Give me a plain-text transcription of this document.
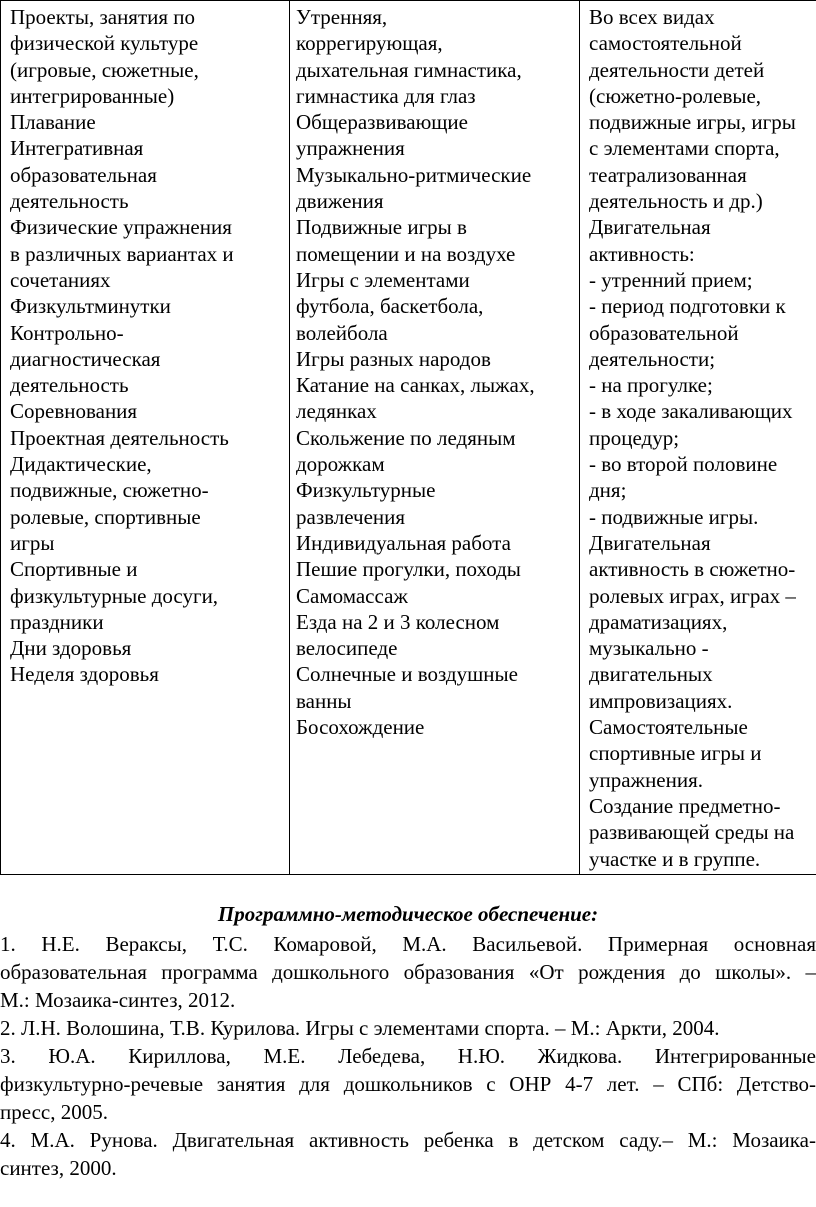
Проекты, занятия по
физической культуре
(игровые, сюжетные,
интегрированные)
Плавание
Интегративная
образовательная
деятельность
Физические упражнения
в различных вариантах и
сочетаниях
Физкультминутки
Контрольно-
диагностическая
деятельность
Соревнования
Проектная деятельность
Дидактические,
подвижные, сюжетно-
ролевые, спортивные
игры
Спортивные и
физкультурные досуги,
праздники
Дни здоровья
Неделя здоровья

Утренняя,
коррегирующая,
дыхательная гимнастика,
гимнастика для глаз
Общеразвивающие
упражнения
Музыкально-ритмические
движения
Подвижные игры в
помещении и на воздухе
Игры с элементами
футбола, баскетбола,
волейбола
Игры разных народов
Катание на санках, лыжах,
ледянках
Скольжение по ледяным
дорожкам
Физкультурные
развлечения
Индивидуальная работа
Пешие прогулки, походы
Самомассаж
Езда на 2 и 3 колесном
велосипеде
Солнечные и воздушные
ванны
Босохождение

Во всех видах
самостоятельной
деятельности детей
(сюжетно-ролевые,
подвижные игры, игры
с элементами спорта,
театрализованная
деятельность и др.)
Двигательная
активность:
- утренний прием;
- период подготовки к
образовательной
деятельности;
- на прогулке;
- в ходе закаливающих
процедур;
- во второй половине
дня;
- подвижные игры.
Двигательная
активность в сюжетно-
ролевых играх, играх –
драматизациях,
музыкально -
двигательных
импровизациях.
Самостоятельные
спортивные игры и
упражнения.
Создание предметно-
развивающей среды на
участке и в группе.

Программно-методическое обеспечение:

1. Н.Е. Вераксы, Т.С. Комаровой, М.А. Васильевой. Примерная основная
образовательная программа дошкольного образования «От рождения до школы». –
М.: Мозаика-синтез, 2012.
2. Л.Н. Волошина, Т.В. Курилова. Игры с элементами спорта. – М.: Аркти, 2004.
3. Ю.А. Кириллова, М.Е. Лебедева, Н.Ю. Жидкова. Интегрированные
физкультурно-речевые занятия для дошкольников с ОНР 4-7 лет. – СПб: Детство-
пресс, 2005.
4. М.А. Рунова. Двигательная активность ребенка в детском саду.– М.: Мозаика-
синтез, 2000.
